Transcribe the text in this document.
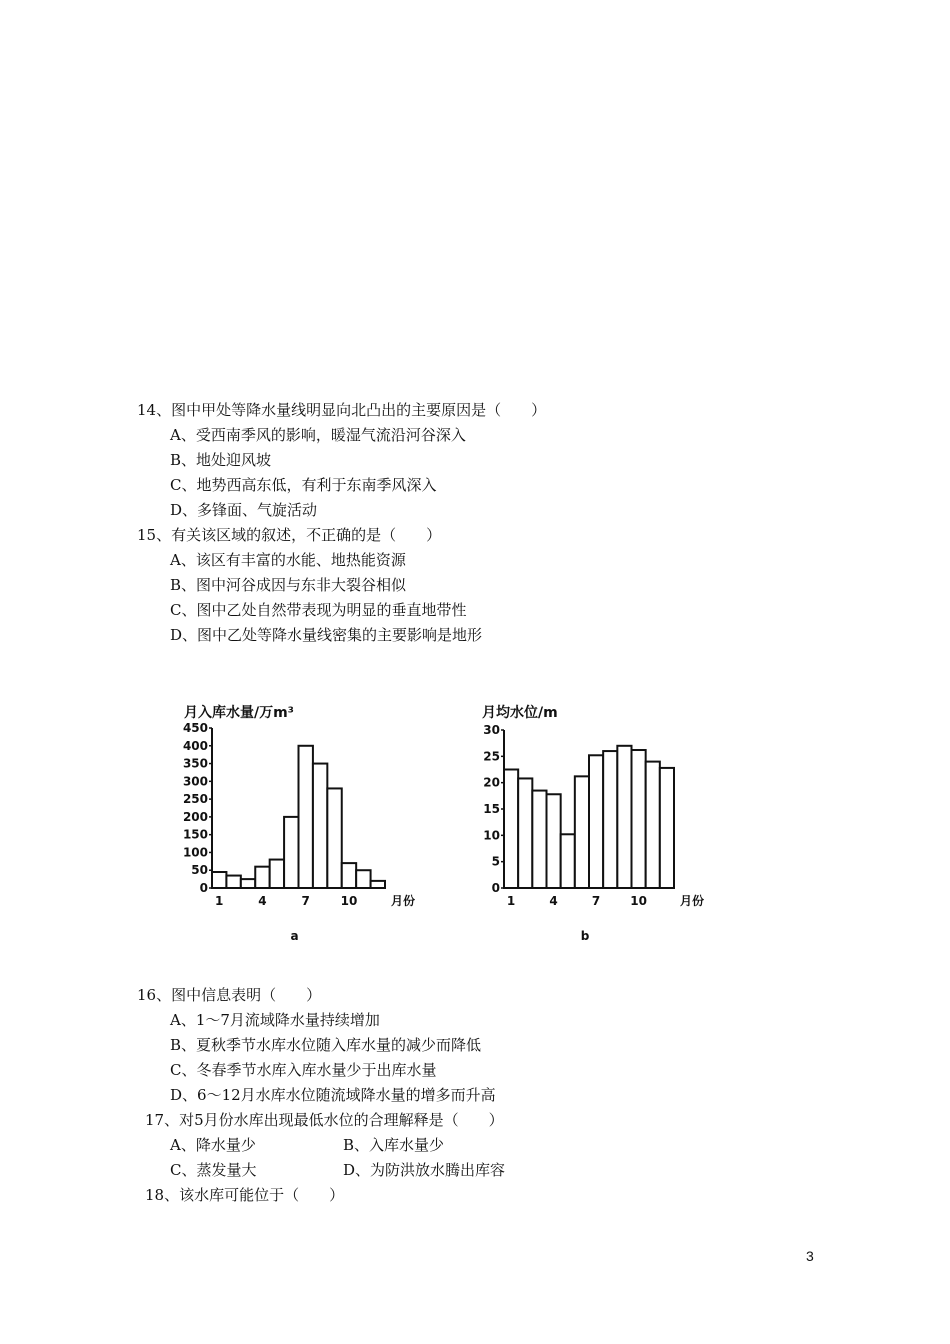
14、图中甲处等降水量线明显向北凸出的主要原因是（　　）
A、受西南季风的影响，暖湿气流沿河谷深入
B、地处迎风坡
C、地势西高东低，有利于东南季风深入
D、多锋面、气旋活动
15、有关该区域的叙述，不正确的是（　　）
A、该区有丰富的水能、地热能资源
B、图中河谷成因与东非大裂谷相似
C、图中乙处自然带表现为明显的垂直地带性
D、图中乙处等降水量线密集的主要影响是地形
月入库水量/万m³
0
50
100
150
200
250
300
350
400
450
1	4	7	10	月份
a
月均水位/m
0
5
10
15
20
25
30
1	4	7 10	月份
b
16、图中信息表明（　　）
A、1～7月流域降水量持续增加
B、夏秋季节水库水位随入库水量的减少而降低
C、冬春季节水库入库水量少于出库水量
D、6～12月水库水位随流域降水量的增多而升高
17、对5月份水库出现最低水位的合理解释是（　　）
A、降水量少	B、入库水量少
C、蒸发量大	D、为防洪放水腾出库容
18、该水库可能位于（　　）
3
